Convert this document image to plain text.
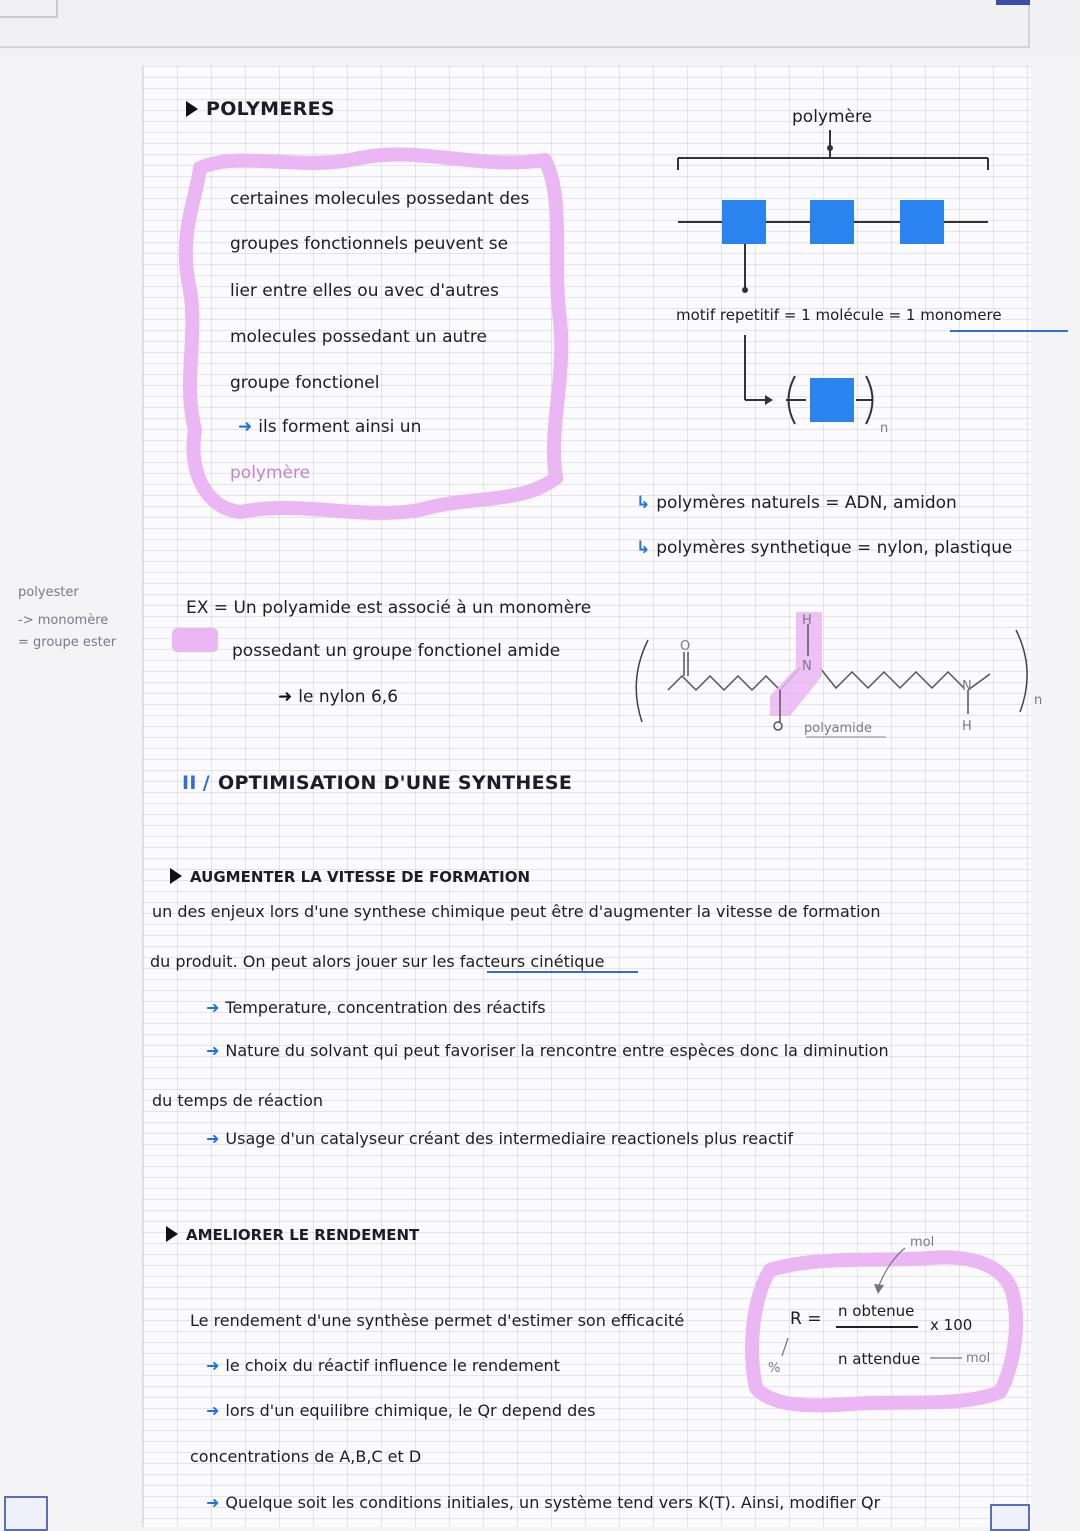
polyester
-> monomère
= groupe ester
POLYMERES
certaines molecules possedant des
groupes fonctionnels peuvent se
lier entre elles ou avec d'autres
molecules possedant un autre
groupe fonctionel
➜ ils forment ainsi un
polymère
polymère
motif repetitif = 1 molécule = 1 monomere
n
↳ polymères naturels = ADN, amidon
↳ polymères synthetique = nylon, plastique
EX = Un polyamide est associé à un monomère
possedant un groupe fonctionel amide
➜ le nylon 6,6
polyamide
H
N
O
N
H
n
II / OPTIMISATION D'UNE SYNTHESE
AUGMENTER LA VITESSE DE FORMATION
un des enjeux lors d'une synthese chimique peut être d'augmenter la vitesse de formation
du produit. On peut alors jouer sur les facteurs cinétique
➜ Temperature, concentration des réactifs
➜ Nature du solvant qui peut favoriser la rencontre entre espèces donc la diminution
du temps de réaction
➜ Usage d'un catalyseur créant des intermediaire reactionels plus reactif
AMELIORER LE RENDEMENT
Le rendement d'une synthèse permet d'estimer son efficacité
➜ le choix du réactif influence le rendement
➜ lors d'un equilibre chimique, le Qr depend des
concentrations de A,B,C et D
➜ Quelque soit les conditions initiales, un système tend vers K(T). Ainsi, modifier Qr
R = n obtenue
n attendue
x 100
mol
mol
%
